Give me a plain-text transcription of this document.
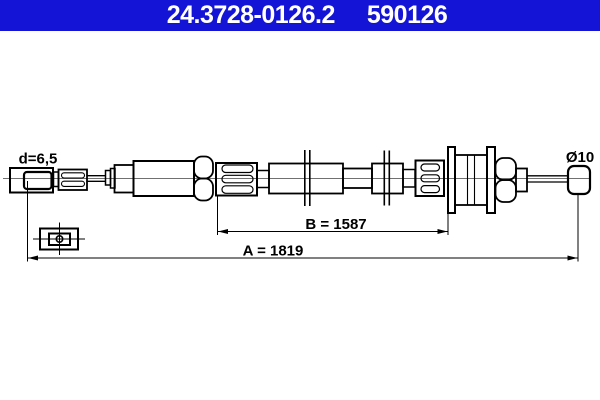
24.3728-0126.2 590126
B = 1587
A = 1819
d=6,5	Ø10
